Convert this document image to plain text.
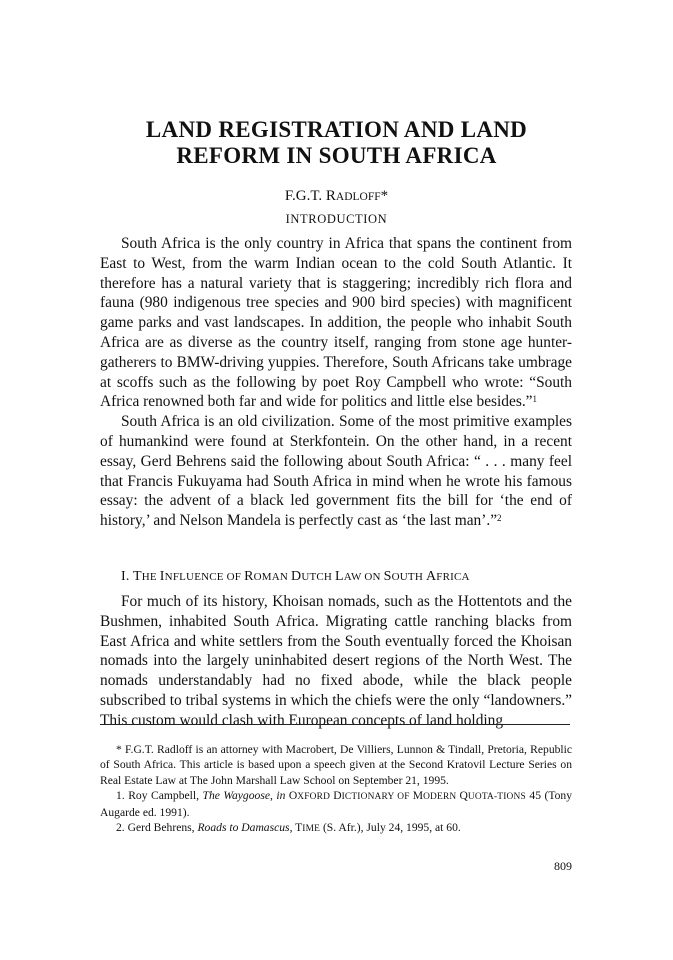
LAND REGISTRATION AND LAND
REFORM IN SOUTH AFRICA
F.G.T. RADLOFF*
INTRODUCTION

South Africa is the only country in Africa that spans the continent from East to West, from the warm Indian ocean to the cold South Atlantic. It therefore has a natural variety that is staggering; incredibly rich flora and fauna (980 indigenous tree species and 900 bird species) with magnificent game parks and vast landscapes. In addition, the people who inhabit South Africa are as diverse as the country itself, ranging from stone age hunter-gatherers to BMW-driving yuppies. Therefore, South Africans take umbrage at scoffs such as the following by poet Roy Campbell who wrote: “South Africa renowned both far and wide for politics and little else besides.”$^1$

South Africa is an old civilization. Some of the most primitive examples of humankind were found at Sterkfontein. On the other hand, in a recent essay, Gerd Behrens said the following about South Africa: “ . . . many feel that Francis Fukuyama had South Africa in mind when he wrote his famous essay: the advent of a black led government fits the bill for ‘the end of history,’ and Nelson Mandela is perfectly cast as ‘the last man’.”$^2$

I. THE INFLUENCE OF ROMAN DUTCH LAW ON SOUTH AFRICA

For much of its history, Khoisan nomads, such as the Hottentots and the Bushmen, inhabited South Africa. Migrating cattle ranching blacks from East Africa and white settlers from the South eventually forced the Khoisan nomads into the largely uninhabited desert regions of the North West. The nomads understandably had no fixed abode, while the black people subscribed to tribal systems in which the chiefs were the only “landowners.” This custom would clash with European concepts of land holding

* F.G.T. Radloff is an attorney with Macrobert, De Villiers, Lunnon & Tindall, Pretoria, Republic of South Africa. This article is based upon a speech given at the Second Kratovil Lecture Series on Real Estate Law at The John Marshall Law School on September 21, 1995.

1. Roy Campbell, The Waygoose, in OXFORD DICTIONARY OF MODERN QUOTA-TIONS 45 (Tony Augarde ed. 1991).

2. Gerd Behrens, Roads to Damascus, TIME (S. Afr.), July 24, 1995, at 60.

809
